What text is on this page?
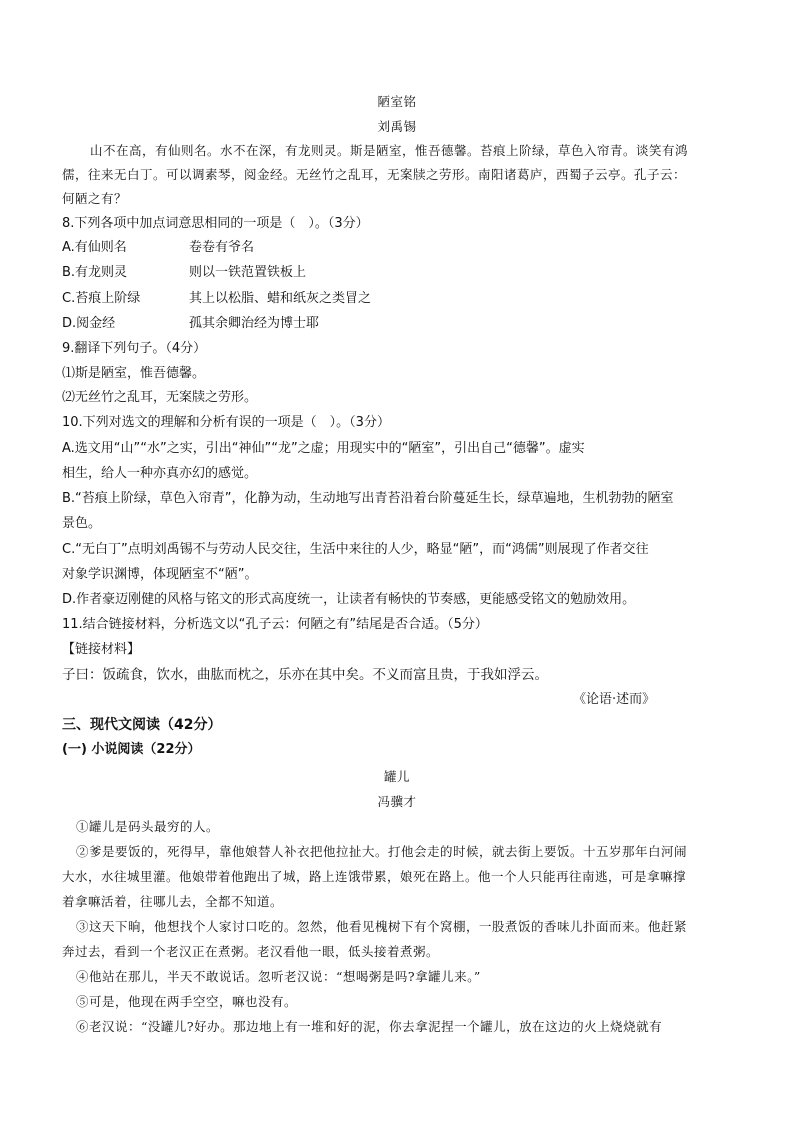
陋室铭
刘禹锡
山不在高，有仙则名。水不在深，有龙则灵。斯是陋室，惟吾德馨。苔痕上阶绿，草色入帘青。谈笑有鸿
儒，往来无白丁。可以调素琴，阅金经。无丝竹之乱耳，无案牍之劳形。南阳诸葛庐，西蜀子云亭。孔子云：
何陋之有？
8.下列各项中加点词意思相同的一项是（　）。（3分）
A.有仙则名	卷卷有爷名
B.有龙则灵	则以一铁范置铁板上
C.苔痕上阶绿	其上以松脂、蜡和纸灰之类冒之
D.阅金经	孤其余卿治经为博士耶
9.翻译下列句子。（4分）
⑴斯是陋室，惟吾德馨。
⑵无丝竹之乱耳，无案牍之劳形。
10.下列对选文的理解和分析有误的一项是（　）。（3分）
A.选文用“山”“水”之实，引出“神仙”“龙”之虚；用现实中的“陋室”，引出自己“德馨”。虚实
相生，给人一种亦真亦幻的感觉。
B.“苔痕上阶绿，草色入帘青”，化静为动，生动地写出青苔沿着台阶蔓延生长，绿草遍地，生机勃勃的陋室
景色。
C.“无白丁”点明刘禹锡不与劳动人民交往，生活中来往的人少，略显“陋”，而“鸿儒”则展现了作者交往
对象学识渊博，体现陋室不“陋”。
D.作者豪迈刚健的风格与铭文的形式高度统一，让读者有畅快的节奏感，更能感受铭文的勉励效用。
11.结合链接材料，分析选文以“孔子云：何陋之有”结尾是否合适。（5分）
【链接材料】
子曰：饭疏食，饮水，曲肱而枕之，乐亦在其中矣。不义而富且贵，于我如浮云。
《论语·述而》
三、现代文阅读（42分）
(一) 小说阅读（22分）
罐儿
冯骥才
①罐儿是码头最穷的人。
②爹是要饭的，死得早，靠他娘替人补衣把他拉扯大。打他会走的时候，就去街上要饭。十五岁那年白河闹
大水，水往城里灌。他娘带着他跑出了城，路上连饿带累，娘死在路上。他一个人只能再往南逃，可是拿嘛撑
着拿嘛活着，往哪儿去，全都不知道。
③这天下晌，他想找个人家讨口吃的。忽然，他看见槐树下有个窝棚，一股煮饭的香味儿扑面而来。他赶紧
奔过去，看到一个老汉正在煮粥。老汉看他一眼，低头接着煮粥。
④他站在那儿，半天不敢说话。忽听老汉说：“想喝粥是吗?拿罐儿来。”
⑤可是，他现在两手空空，嘛也没有。
⑥老汉说：“没罐儿?好办。那边地上有一堆和好的泥，你去拿泥捏一个罐儿，放在这边的火上烧烧就有
